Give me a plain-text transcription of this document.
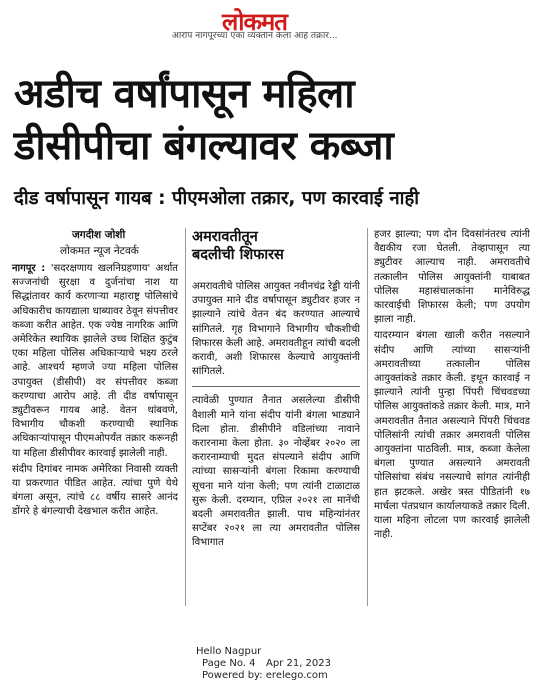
लोकमत
आरोप नागपूरच्या एका व्यक्तीने केला आहे तक्रार...
अडीच वर्षांपासून महिला
डीसीपीचा बंगल्यावर कब्जा
दीड वर्षापासून गायब : पीएमओला तक्रार, पण कारवाई नाही
जगदीश जोशी
लोकमत न्यूज नेटवर्क

नागपूर : 'सदरक्षणाय खलनिग्रहणाय' अर्थात सज्जनांची सुरक्षा व दुर्जनांचा नाश या सिद्धांतावर कार्य करणाऱ्या महाराष्ट्र पोलिसांचे अधिकारीच कायद्याला धाब्यावर ठेवून संपत्तीवर कब्जा करीत आहेत. एक ज्येष्ठ नागरिक आणि अमेरिकेत स्थायिक झालेले उच्च शिक्षित कुटुंब एका महिला पोलिस अधिकाऱ्याचे भक्ष्य ठरले आहे. आश्चर्य म्हणजे ज्या महिला पोलिस उपायुक्त (डीसीपी) वर संपत्तीवर कब्जा करण्याचा आरोप आहे. ती दीड वर्षापासून ड्युटीवरून गायब आहे. वेतन थांबवणे, विभागीय चौकशी करण्याची स्थानिक अधिकाऱ्यांपासून पीएमओपर्यंत तक्रार करूनही या महिला डीसीपीवर कारवाई झालेली नाही.

संदीप दिगांबर नामक अमेरिका निवासी व्यक्ती या प्रकरणात पीडित आहेत. त्यांचा पुणे येथे बंगला असून, त्यांचे ८८ वर्षीय सासरे आनंद डोंगरे हे बंगल्याची देखभाल करीत आहेत.

अमरावतीतून
बदलीची शिफारस

अमरावतीचे पोलिस आयुक्त नवीनचंद्र रेड्डी यांनी उपायुक्त माने दीड वर्षापासून ड्युटीवर हजर न झाल्याने त्यांचे वेतन बंद करण्यात आल्याचे सांगितले. गृह विभागाने विभागीय चौकशीची शिफारस केली आहे. अमरावतीहून त्यांची बदली करावी, अशी शिफारस केल्याचे आयुक्तांनी सांगितले.

त्यावेळी पुण्यात तैनात असलेल्या डीसीपी वैशाली माने यांना संदीप यांनी बंगला भाड्याने दिला होता. डीसीपीने वडिलांच्या नावाने करारनामा केला होता. ३० नोव्हेंबर २०२० ला करारनाम्याची मुदत संपल्याने संदीप आणि त्यांच्या सासऱ्यांनी बंगला रिकामा करण्याची सूचना माने यांना केली; पण त्यांनी टाळाटाळ सुरू केली. दरम्यान, एप्रिल २०२१ ला मानेंची बदली अमरावतीत झाली. पाच महिन्यांनंतर सप्टेंबर २०२१ ला त्या अमरावतीत पोलिस विभागात

हजर झाल्या; पण दोन दिवसांनंतरच त्यांनी वैद्यकीय रजा घेतली. तेव्हापासून त्या ड्युटीवर आल्याच नाही. अमरावतीचे तत्कालीन पोलिस आयुक्तांनी याबाबत पोलिस महासंचालकांना मानेविरुद्ध कारवाईची शिफारस केली; पण उपयोग झाला नाही.

यादरम्यान बंगला खाली करीत नसल्याने संदीप आणि त्यांच्या सासऱ्यांनी अमरावतीच्या तत्कालीन पोलिस आयुक्तांकडे तक्रार केली. इथून कारवाई न झाल्याने त्यांनी पुन्हा पिंपरी चिंचवडच्या पोलिस आयुक्तांकडे तक्रार केली. मात्र, माने अमरावतीत तैनात असल्याने पिंपरी चिंचवड पोलिसांनी त्यांची तक्रार अमरावती पोलिस आयुक्तांना पाठविली. मात्र, कब्जा केलेला बंगला पुण्यात असल्याने अमरावती पोलिसांचा संबंध नसल्याचे सांगत त्यांनीही हात झटकले. अखेर त्रस्त पीडितांनी १७ मार्चला पंतप्रधान कार्यालयाकडे तक्रार दिली. याला महिना लोटला पण कारवाई झालेली नाही.

Hello Nagpur
Page No. 4 Apr 21, 2023
Powered by: erelego.com
